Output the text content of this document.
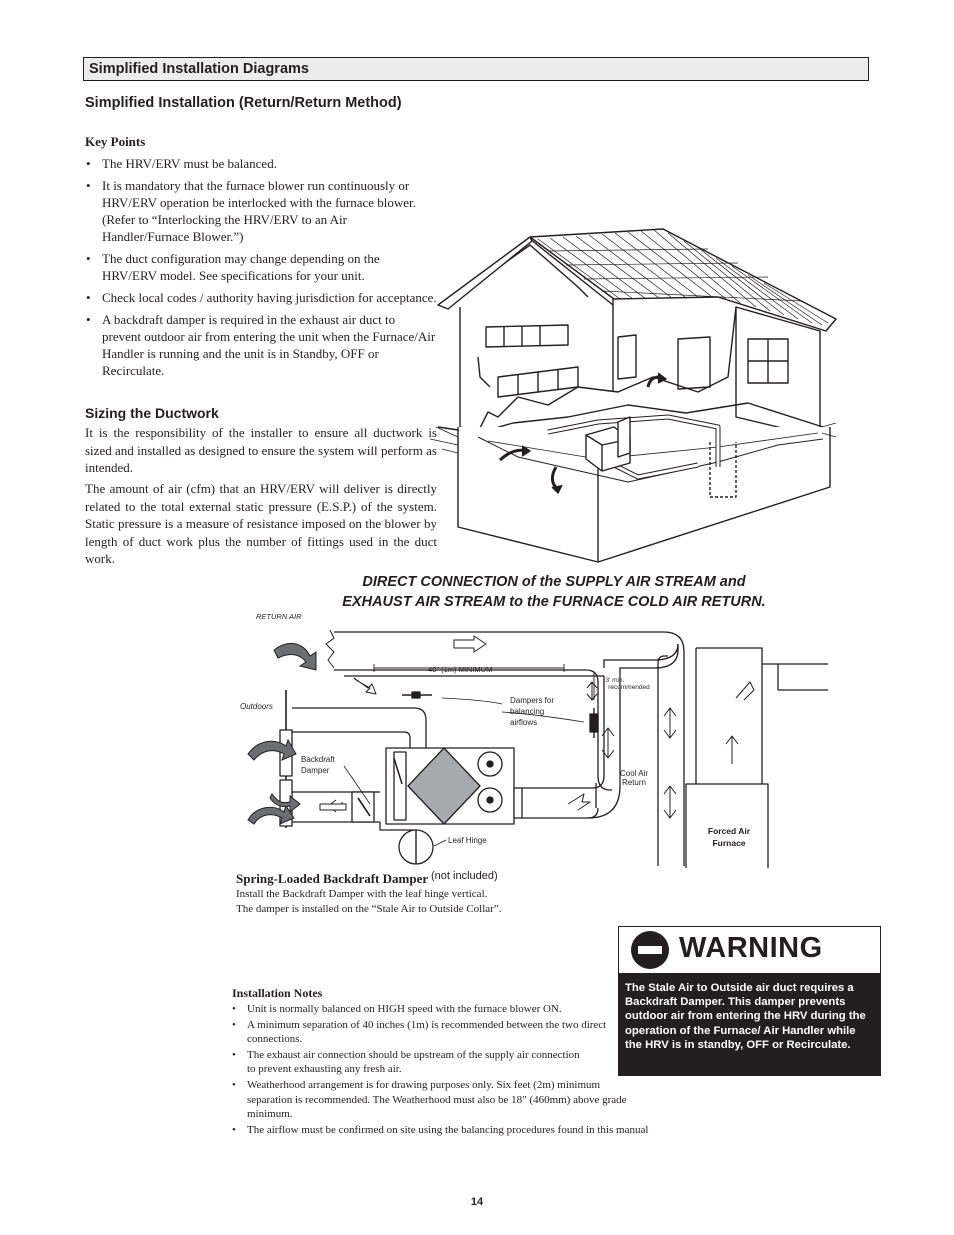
Simplified Installation Diagrams
Simplified Installation (Return/Return Method)
Key Points
• The HRV/ERV must be balanced.
• It is mandatory that the furnace blower run continuously or HRV/ERV operation be interlocked with the furnace blower. (Refer to “Interlocking the HRV/ERV to an Air Handler/Furnace Blower.”)
• The duct configuration may change depending on the HRV/ERV model. See specifications for your unit.
• Check local codes / authority having jurisdiction for acceptance.
• A backdraft damper is required in the exhaust air duct to prevent outdoor air from entering the unit when the Furnace/Air Handler is running and the unit is in Standby, OFF or Recirculate.
Sizing the Ductwork

It is the responsibility of the installer to ensure all ductwork is sized and installed as designed to ensure the system will perform as intended.

The amount of air (cfm) that an HRV/ERV will deliver is directly related to the total external static pressure (E.S.P.) of the system. Static pressure is a measure of resistance imposed on the blower by length of duct work plus the number of fittings used in the duct work.

DIRECT CONNECTION of the SUPPLY AIR STREAM and
EXHAUST AIR STREAM to the FURNACE COLD AIR RETURN.
RETURN AIR
Outdoors
40" (1m) MINIMUM
3' min.
recommended
Dampers for
balancing
airflows
Backdraft
Damper	Cool Air
Return
Forced Air
Furnace
Leaf Hinge
Spring-Loaded Backdraft Damper (not included)
Install the Backdraft Damper with the leaf hinge vertical.
The damper is installed on the “Stale Air to Outside Collar”.
WARNING
The Stale Air to Outside air duct requires a Backdraft Damper. This damper prevents outdoor air from entering the HRV during the operation of the Furnace/ Air Handler while the HRV is in standby, OFF or Recirculate.
Installation Notes
• Unit is normally balanced on HIGH speed with the furnace blower ON.
• A minimum separation of 40 inches (1m) is recommended between the two direct connections.
• The exhaust air connection should be upstream of the supply air connection to prevent exhausting any fresh air.
• Weatherhood arrangement is for drawing purposes only. Six feet (2m) minimum separation is recommended. The Weatherhood must also be 18" (460mm) above grade minimum.
• The airflow must be confirmed on site using the balancing procedures found in this manual
14
